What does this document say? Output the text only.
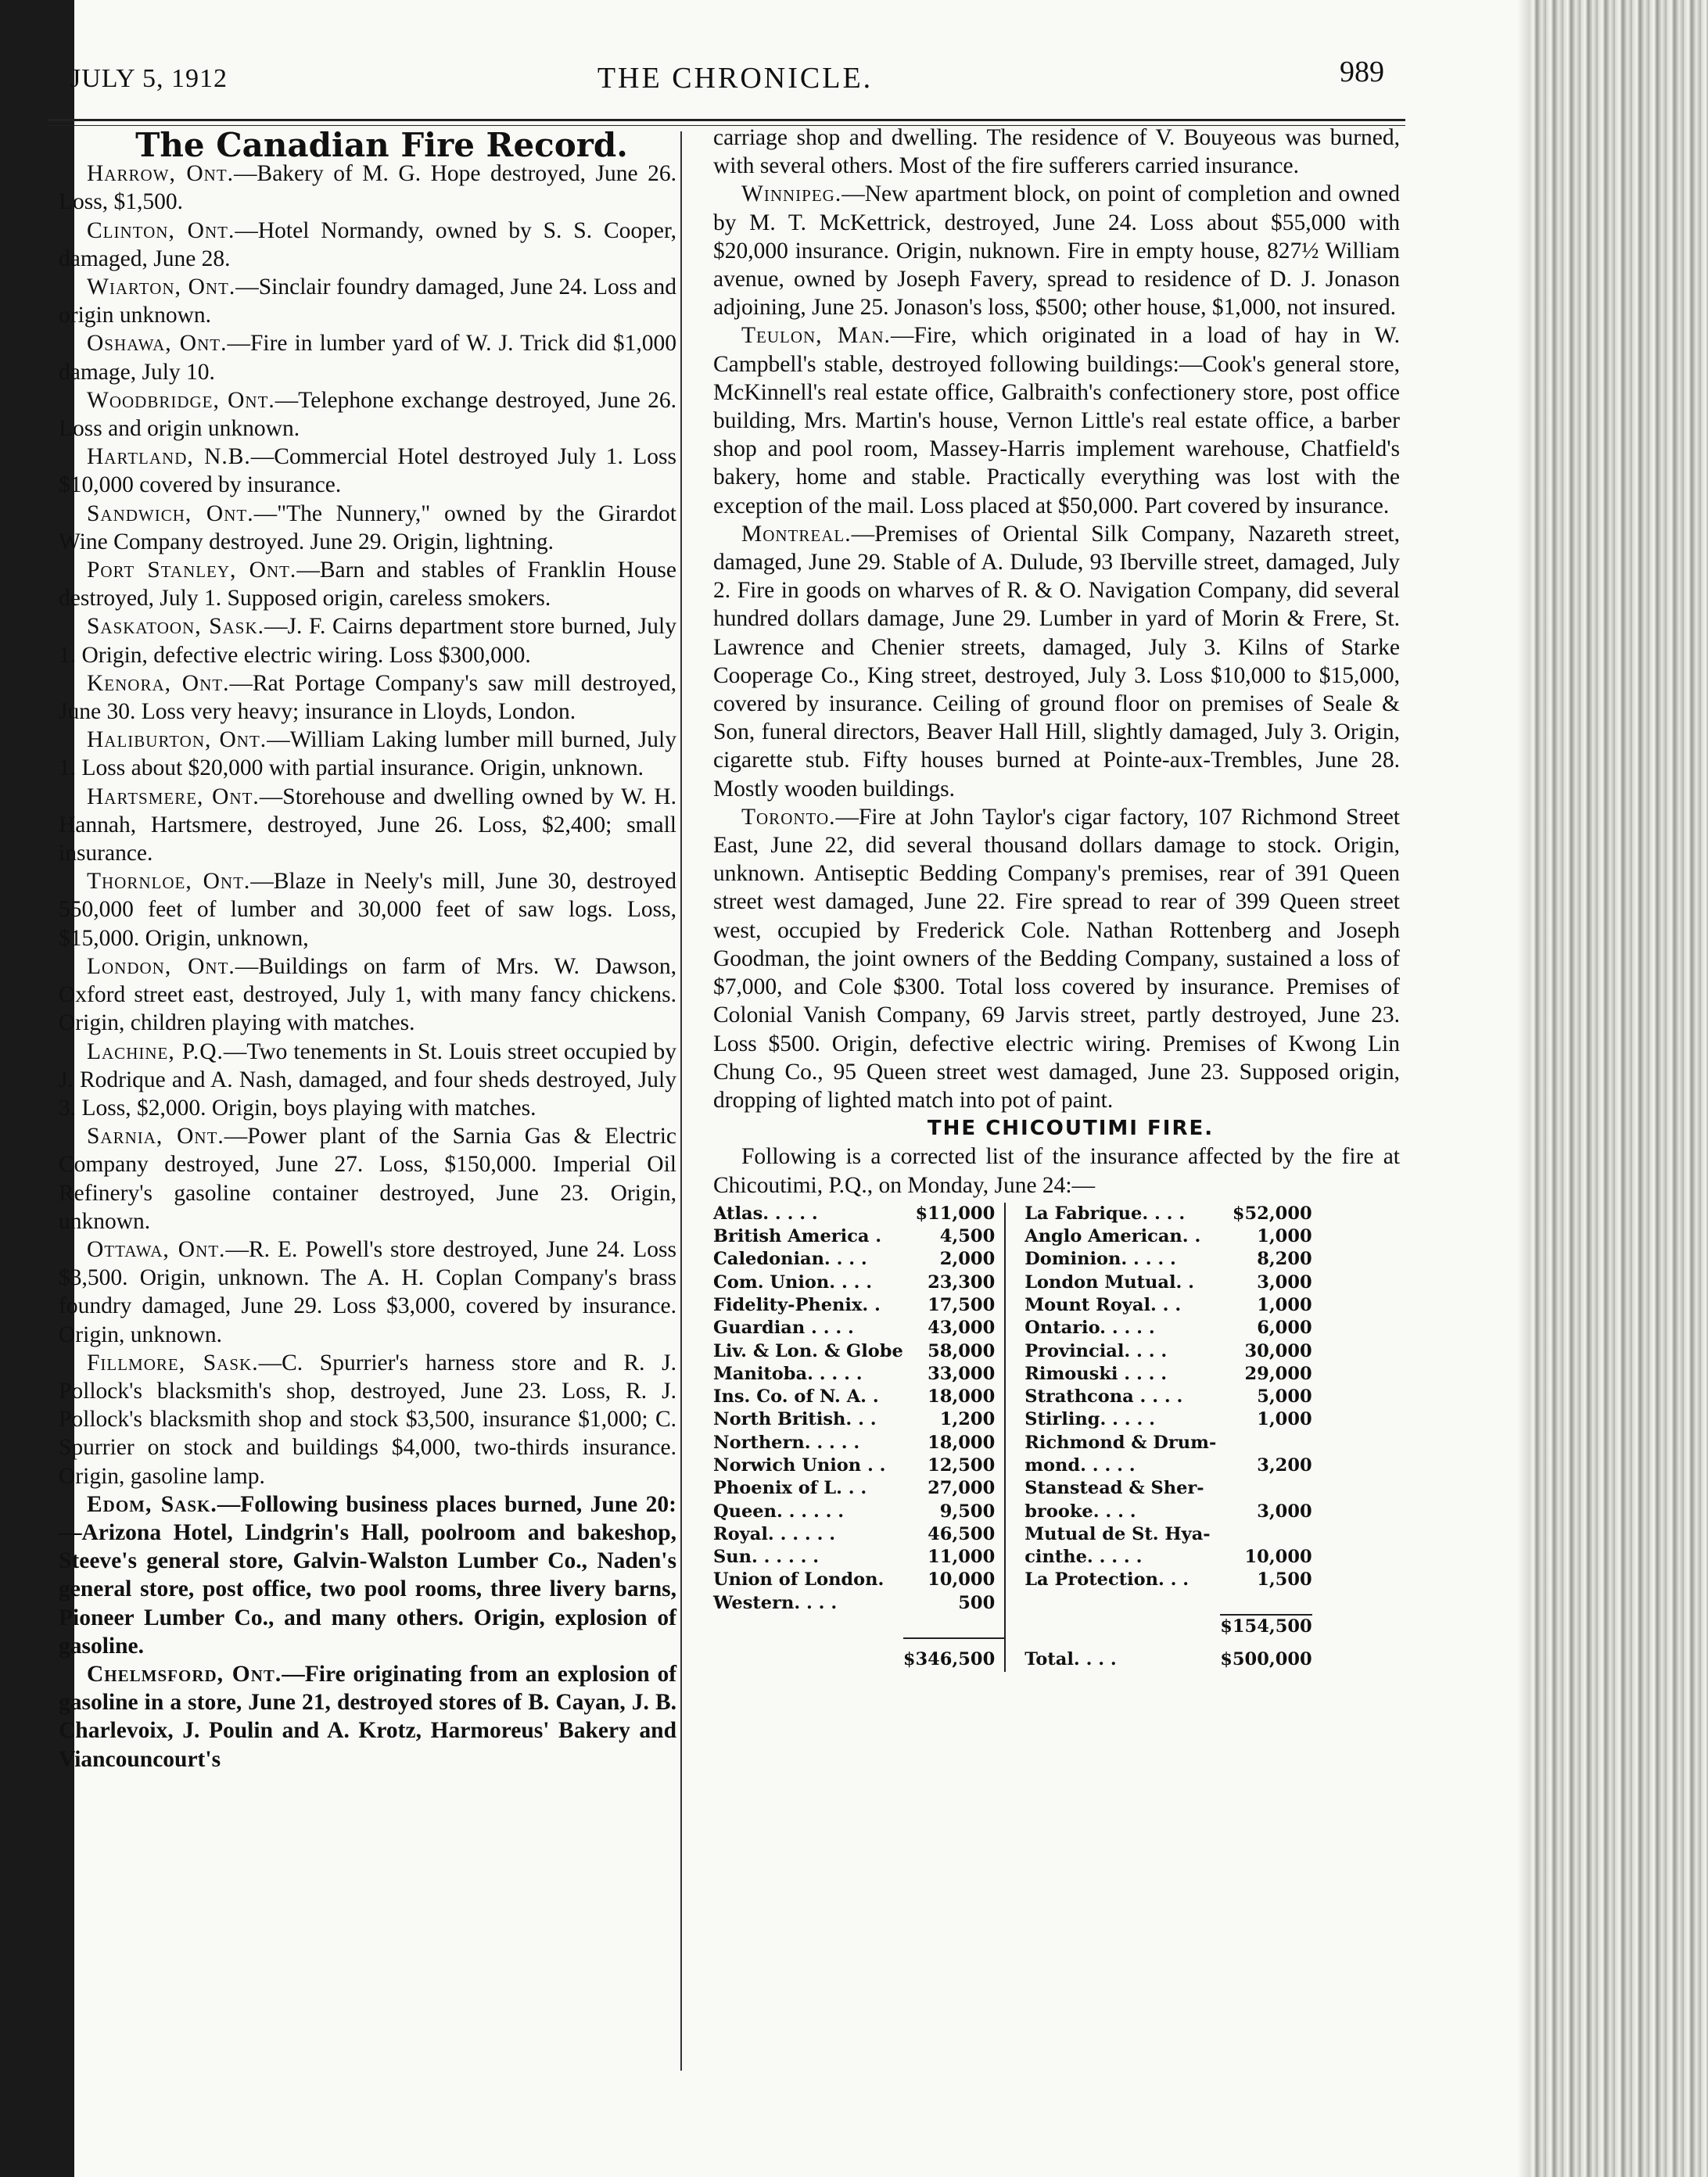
JULY 5, 1912	THE CHRONICLE.	989

The Canadian Fire Record.

Harrow, Ont.—Bakery of M. G. Hope destroyed, June 26. Loss, $1,500.

Clinton, Ont.—Hotel Normandy, owned by S. S. Cooper, damaged, June 28.

Wiarton, Ont.—Sinclair foundry damaged, June 24. Loss and origin unknown.

Oshawa, Ont.—Fire in lumber yard of W. J. Trick did $1,000 damage, July 10.

Woodbridge, Ont.—Telephone exchange destroyed, June 26. Loss and origin unknown.

Hartland, N.B.—Commercial Hotel destroyed July 1. Loss $10,000 covered by insurance.

Sandwich, Ont.—"The Nunnery," owned by the Girardot Wine Company destroyed. June 29. Origin, lightning.

Port Stanley, Ont.—Barn and stables of Franklin House destroyed, July 1. Supposed origin, careless smokers.

Saskatoon, Sask.—J. F. Cairns department store burned, July 1. Origin, defective electric wiring. Loss $300,000.

Kenora, Ont.—Rat Portage Company's saw mill destroyed, June 30. Loss very heavy; insurance in Lloyds, London.

Haliburton, Ont.—William Laking lumber mill burned, July 1. Loss about $20,000 with partial insurance. Origin, unknown.

Hartsmere, Ont.—Storehouse and dwelling owned by W. H. Hannah, Hartsmere, destroyed, June 26. Loss, $2,400; small insurance.

Thornloe, Ont.—Blaze in Neely's mill, June 30, destroyed 550,000 feet of lumber and 30,000 feet of saw logs. Loss, $15,000. Origin, unknown,

London, Ont.—Buildings on farm of Mrs. W. Dawson, Oxford street east, destroyed, July 1, with many fancy chickens. Origin, children playing with matches.

Lachine, P.Q.—Two tenements in St. Louis street occupied by J. Rodrique and A. Nash, damaged, and four sheds destroyed, July 3. Loss, $2,000. Origin, boys playing with matches.

Sarnia, Ont.—Power plant of the Sarnia Gas & Electric Company destroyed, June 27. Loss, $150,000. Imperial Oil Refinery's gasoline container destroyed, June 23. Origin, unknown.

Ottawa, Ont.—R. E. Powell's store destroyed, June 24. Loss $3,500. Origin, unknown. The A. H. Coplan Company's brass foundry damaged, June 29. Loss $3,000, covered by insurance. Origin, unknown.

Fillmore, Sask.—C. Spurrier's harness store and R. J. Pollock's blacksmith's shop, destroyed, June 23. Loss, R. J. Pollock's blacksmith shop and stock $3,500, insurance $1,000; C. Spurrier on stock and buildings $4,000, two-thirds insurance. Origin, gasoline lamp.

Edom, Sask.—Following business places burned, June 20:—Arizona Hotel, Lindgrin's Hall, poolroom and bakeshop, Steeve's general store, Galvin-Walston Lumber Co., Naden's general store, post office, two pool rooms, three livery barns, Pioneer Lumber Co., and many others. Origin, explosion of gasoline.

Chelmsford, Ont.—Fire originating from an explosion of gasoline in a store, June 21, destroyed stores of B. Cayan, J. B. Charlevoix, J. Poulin and A. Krotz, Harmoreus' Bakery and Viancouncourt's

carriage shop and dwelling. The residence of V. Bouyeous was burned, with several others. Most of the fire sufferers carried insurance.

Winnipeg.—New apartment block, on point of completion and owned by M. T. McKettrick, destroyed, June 24. Loss about $55,000 with $20,000 insurance. Origin, nuknown. Fire in empty house, 827½ William avenue, owned by Joseph Favery, spread to residence of D. J. Jonason adjoining, June 25. Jonason's loss, $500; other house, $1,000, not insured.

Teulon, Man.—Fire, which originated in a load of hay in W. Campbell's stable, destroyed following buildings:—Cook's general store, McKinnell's real estate office, Galbraith's confectionery store, post office building, Mrs. Martin's house, Vernon Little's real estate office, a barber shop and pool room, Massey-Harris implement warehouse, Chatfield's bakery, home and stable. Practically everything was lost with the exception of the mail. Loss placed at $50,000. Part covered by insurance.

Montreal.—Premises of Oriental Silk Company, Nazareth street, damaged, June 29. Stable of A. Dulude, 93 Iberville street, damaged, July 2. Fire in goods on wharves of R. & O. Navigation Company, did several hundred dollars damage, June 29. Lumber in yard of Morin & Frere, St. Lawrence and Chenier streets, damaged, July 3. Kilns of Starke Cooperage Co., King street, destroyed, July 3. Loss $10,000 to $15,000, covered by insurance. Ceiling of ground floor on premises of Seale & Son, funeral directors, Beaver Hall Hill, slightly damaged, July 3. Origin, cigarette stub. Fifty houses burned at Pointe-aux-Trembles, June 28. Mostly wooden buildings.

Toronto.—Fire at John Taylor's cigar factory, 107 Richmond Street East, June 22, did several thousand dollars damage to stock. Origin, unknown. Antiseptic Bedding Company's premises, rear of 391 Queen street west damaged, June 22. Fire spread to rear of 399 Queen street west, occupied by Frederick Cole. Nathan Rottenberg and Joseph Goodman, the joint owners of the Bedding Company, sustained a loss of $7,000, and Cole $300. Total loss covered by insurance. Premises of Colonial Vanish Company, 69 Jarvis street, partly destroyed, June 23. Loss $500. Origin, defective electric wiring. Premises of Kwong Lin Chung Co., 95 Queen street west damaged, June 23. Supposed origin, dropping of lighted match into pot of paint.

THE CHICOUTIMI FIRE.

Following is a corrected list of the insurance affected by the fire at Chicoutimi, P.Q., on Monday, June 24:—

Atlas. . . . .	$11,000		La Fabrique. . . .	$52,000
British America .	4,500		Anglo American. .	1,000
Caledonian. . . .	2,000		Dominion. . . . .	8,200
Com. Union. . . .	23,300		London Mutual. .	3,000
Fidelity-Phenix. .	17,500		Mount Royal. . .	1,000
Guardian . . . .	43,000		Ontario. . . . .	6,000
Liv. & Lon. & Globe	58,000		Provincial. . . .	30,000
Manitoba. . . . .	33,000		Rimouski . . . .	29,000
Ins. Co. of N. A. .	18,000		Strathcona . . . .	5,000
North British. . .	1,200		Stirling. . . . .	1,000
Northern. . . . .	18,000		Richmond & Drum-	
Norwich Union . .	12,500		mond. . . . .	3,200
Phoenix of L. . .	27,000		Stanstead & Sher-	
Queen. . . . . .	9,500		brooke. . . .	3,000
Royal. . . . . .	46,500		Mutual de St. Hya-	
Sun. . . . . .	11,000		cinthe. . . . .	10,000
Union of London.	10,000		La Protection. . .	1,500
Western. . . .	500			
				$154,500
	$346,500		Total. . . .	$500,000
